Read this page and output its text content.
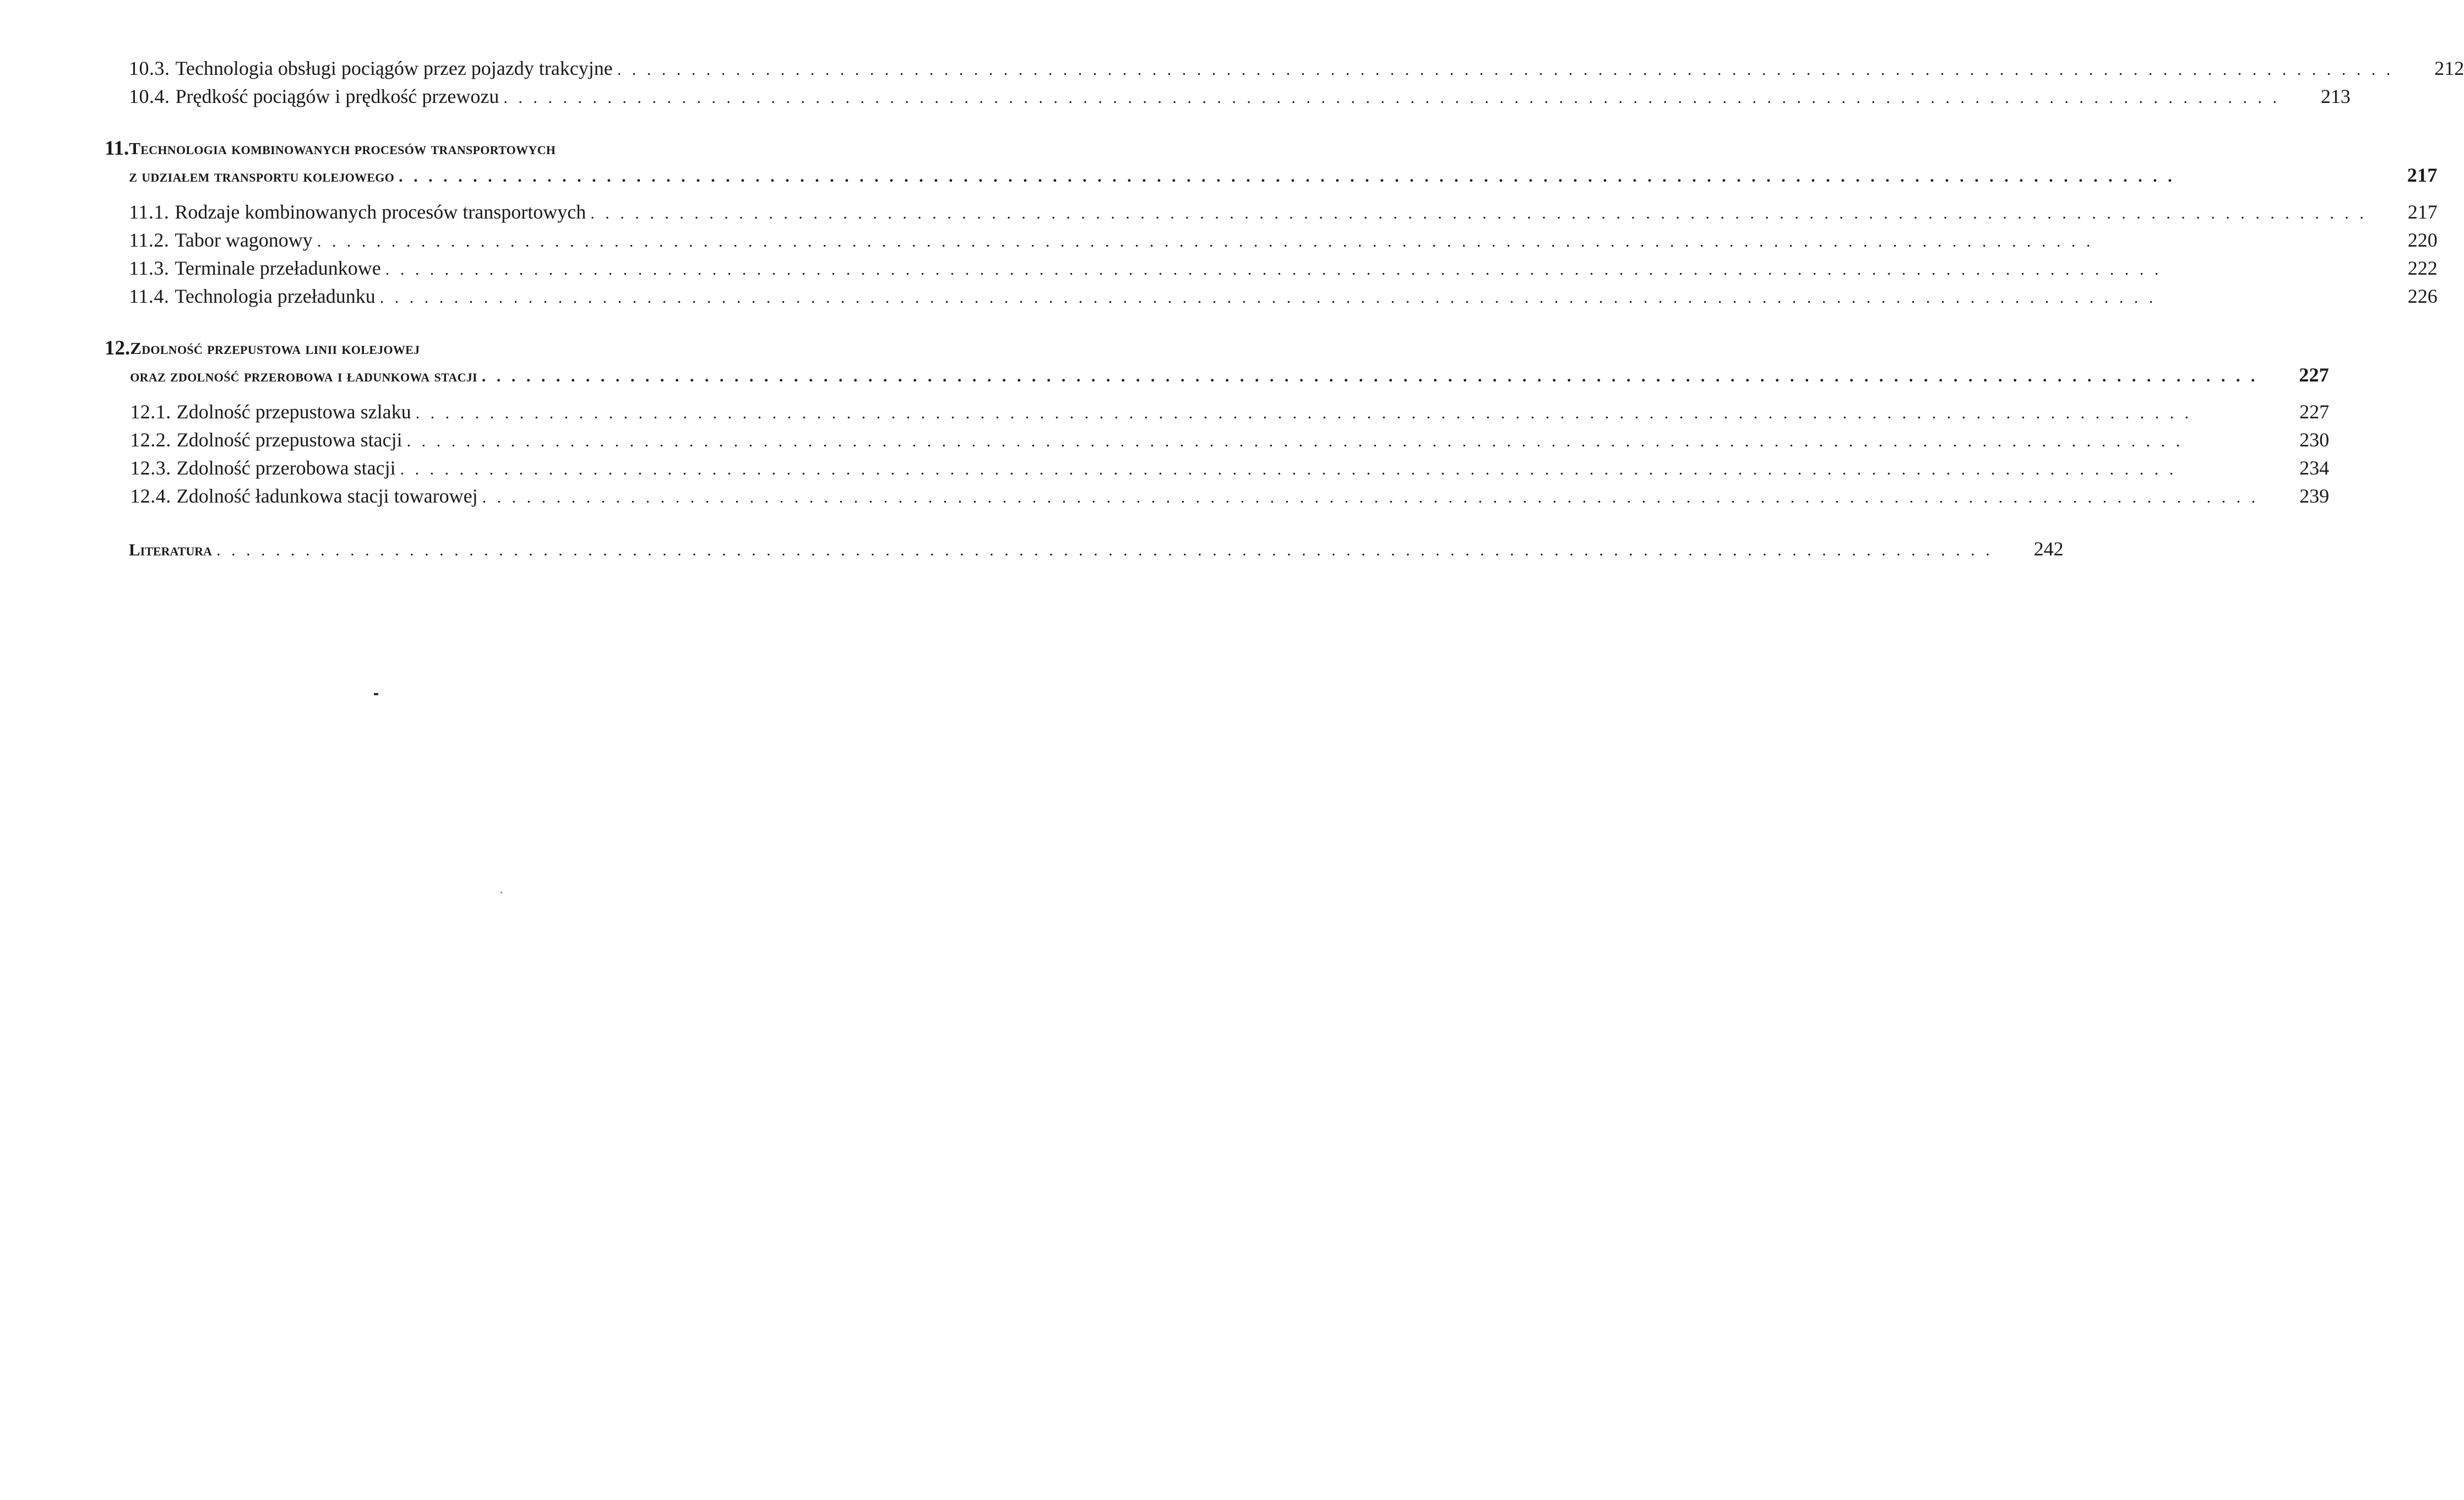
10.3. Technologia obsługi pociągów przez pojazdy trakcyjne . . .	212
10.4. Prędkość pociągów i prędkość przewozu . . .	213
11. Technologia kombinowanych procesów transportowych
z udziałem transportu kolejowego . . .	217
11.1. Rodzaje kombinowanych procesów transportowych . . .	217
11.2. Tabor wagonowy . . .	220
11.3. Terminale przeładunkowe . . .	222
11.4. Technologia przeładunku . . .	226
12. Zdolność przepustowa linii kolejowej
oraz zdolność przerobowa i ładunkowa stacji . . .	227
12.1. Zdolność przepustowa szlaku . . .	227
12.2. Zdolność przepustowa stacji . . .	230
12.3. Zdolność przerobowa stacji . . .	234
12.4. Zdolność ładunkowa stacji towarowej . . .	239
Literatura . . .	242
